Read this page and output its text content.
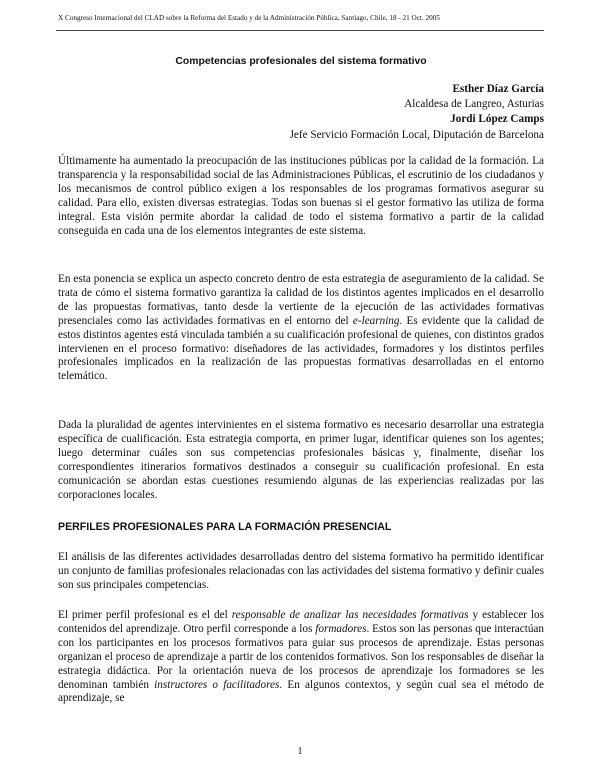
X Congreso Internacional del CLAD sobre la Reforma del Estado y de la Administración Pública, Santiago, Chile, 18 - 21 Oct. 2005
Competencias profesionales del sistema formativo
Esther Díaz García
Alcaldesa de Langreo, Asturias
Jordi López Camps
Jefe Servicio Formación Local, Diputación de Barcelona

Últimamente ha aumentado la preocupación de las instituciones públicas por la calidad de la formación. La transparencia y la responsabilidad social de las Administraciones Públicas, el escrutinio de los ciudadanos y los mecanismos de control público exigen a los responsables de los programas formativos asegurar su calidad. Para ello, existen diversas estrategias. Todas son buenas si el gestor formativo las utiliza de forma integral. Esta visión permite abordar la calidad de todo el sistema formativo a partir de la calidad conseguida en cada una de los elementos integrantes de este sistema.

En esta ponencia se explica un aspecto concreto dentro de esta estrategia de aseguramiento de la calidad. Se trata de cómo el sistema formativo garantiza la calidad de los distintos agentes implicados en el desarrollo de las propuestas formativas, tanto desde la vertiente de la ejecución de las actividades formativas presenciales como las actividades formativas en el entorno del e-learning. Es evidente que la calidad de estos distintos agentes está vinculada también a su cualificación profesional de quienes, con distintos grados intervienen en el proceso formativo: diseñadores de las actividades, formadores y los distintos perfiles profesionales implicados en la realización de las propuestas formativas desarrolladas en el entorno telemático.

Dada la pluralidad de agentes intervinientes en el sistema formativo es necesario desarrollar una estrategia específica de cualificación. Esta estrategia comporta, en primer lugar, identificar quienes son los agentes; luego determinar cuáles son sus competencias profesionales básicas y, finalmente, diseñar los correspondientes itinerarios formativos destinados a conseguir su cualificación profesional. En esta comunicación se abordan estas cuestiones resumiendo algunas de las experiencias realizadas por las corporaciones locales.

PERFILES PROFESIONALES PARA LA FORMACIÓN PRESENCIAL

El análisis de las diferentes actividades desarrolladas dentro del sistema formativo ha permitido identificar un conjunto de familias profesionales relacionadas con las actividades del sistema formativo y definir cuales son sus principales competencias.

El primer perfil profesional es el del responsable de analizar las necesidades formativas y establecer los contenidos del aprendizaje. Otro perfil corresponde a los formadores. Estos son las personas que interactúan con los participantes en los procesos formativos para guiar sus procesos de aprendizaje. Estas personas organizan el proceso de aprendizaje a partir de los contenidos formativos. Son los responsables de diseñar la estrategia didáctica. Por la orientación nueva de los procesos de aprendizaje los formadores se les denominan también instructores o facilitadores. En algunos contextos, y según cual sea el método de aprendizaje, se

1
